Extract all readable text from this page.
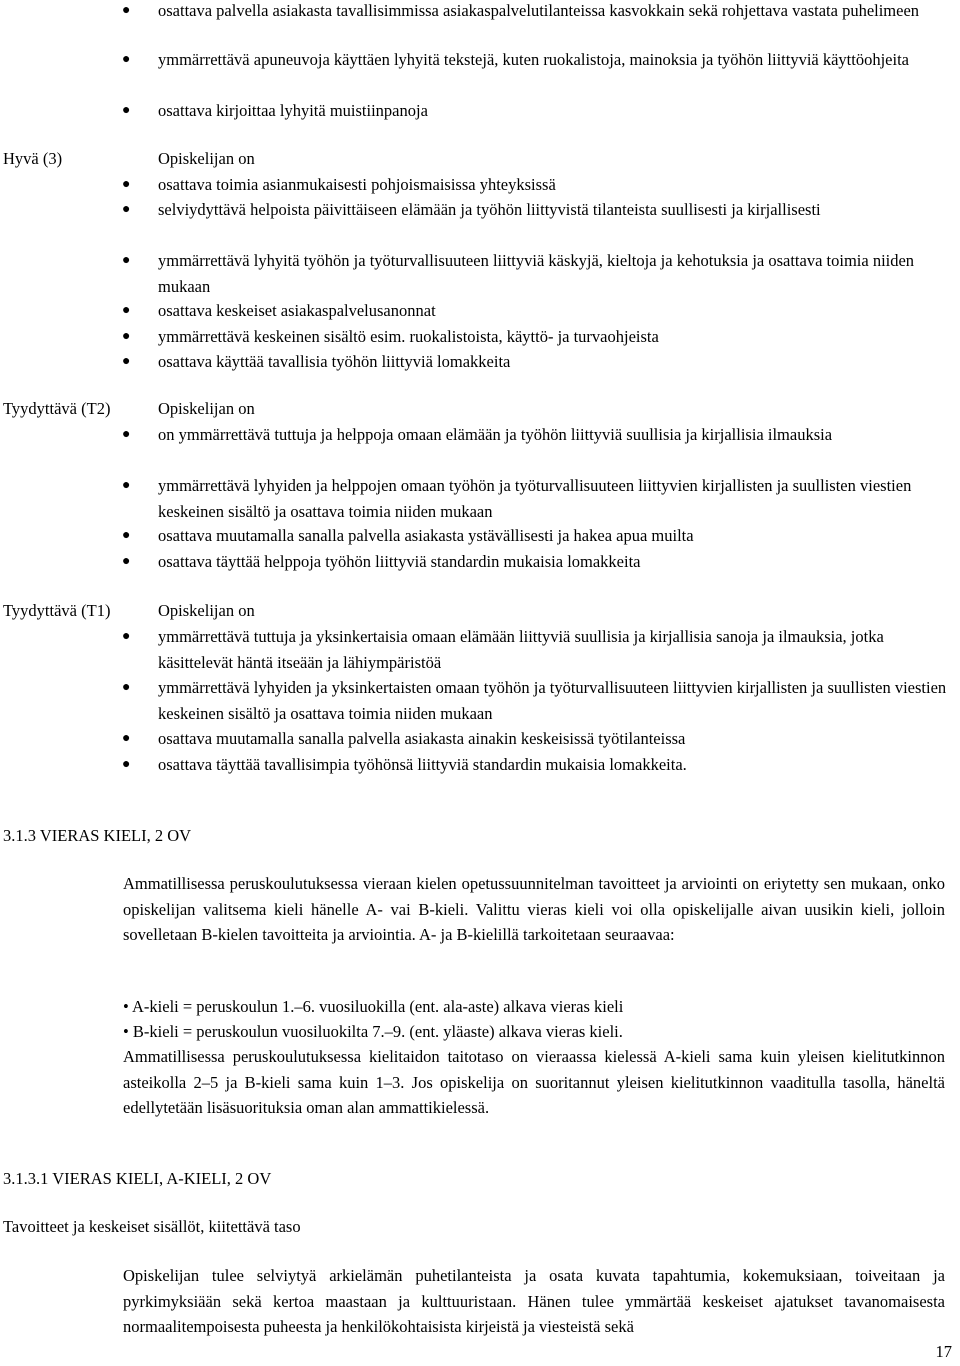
● osattava palvella asiakasta tavallisimmissa asiakaspalvelutilanteissa kasvokkain sekä rohjettava vastata puhelimeen
● ymmärrettävä apuneuvoja käyttäen lyhyitä tekstejä, kuten ruokalistoja, mainoksia ja työhön liittyviä käyttöohjeita
● osattava kirjoittaa lyhyitä muistiinpanoja
Hyvä (3)	Opiskelijan on
● osattava toimia asianmukaisesti pohjoismaisissa yhteyksissä
● selviydyttävä helpoista päivittäiseen elämään ja työhön liittyvistä tilanteista suullisesti ja kirjallisesti
● ymmärrettävä lyhyitä työhön ja työturvallisuuteen liittyviä käskyjä, kieltoja ja kehotuksia ja osattava toimia niiden mukaan
● osattava keskeiset asiakaspalvelusanonnat
● ymmärrettävä keskeinen sisältö esim. ruokalistoista, käyttö- ja turvaohjeista
● osattava käyttää tavallisia työhön liittyviä lomakkeita
Tyydyttävä (T2)	Opiskelijan on
● on ymmärrettävä tuttuja ja helppoja omaan elämään ja työhön liittyviä suullisia ja kirjallisia ilmauksia
● ymmärrettävä lyhyiden ja helppojen omaan työhön ja työturvallisuuteen liittyvien kirjallisten ja suullisten viestien keskeinen sisältö ja osattava toimia niiden mukaan
● osattava muutamalla sanalla palvella asiakasta ystävällisesti ja hakea apua muilta
● osattava täyttää helppoja työhön liittyviä standardin mukaisia lomakkeita
Tyydyttävä (T1)	Opiskelijan on
● ymmärrettävä tuttuja ja yksinkertaisia omaan elämään liittyviä suullisia ja kirjallisia sanoja ja ilmauksia, jotka käsittelevät häntä itseään ja lähiympäristöä
● ymmärrettävä lyhyiden ja yksinkertaisten omaan työhön ja työturvallisuuteen liittyvien kirjallisten ja suullisten viestien keskeinen sisältö ja osattava toimia niiden mukaan
● osattava muutamalla sanalla palvella asiakasta ainakin keskeisissä työtilanteissa
● osattava täyttää tavallisimpia työhönsä liittyviä standardin mukaisia lomakkeita.
3.1.3 VIERAS KIELI, 2 OV
Ammatillisessa peruskoulutuksessa vieraan kielen opetussuunnitelman tavoitteet ja arviointi on eriytetty sen mukaan, onko opiskelijan valitsema kieli hänelle A- vai B-kieli. Valittu vieras kieli voi olla opiskelijalle aivan uusikin kieli, jolloin sovelletaan B-kielen tavoitteita ja arviointia. A- ja B-kielillä tarkoitetaan seuraavaa:
• A-kieli = peruskoulun 1.–6. vuosiluokilla (ent. ala-aste) alkava vieras kieli
• B-kieli = peruskoulun vuosiluokilta 7.–9. (ent. yläaste) alkava vieras kieli.
Ammatillisessa peruskoulutuksessa kielitaidon taitotaso on vieraassa kielessä A-kieli sama kuin yleisen kielitutkinnon asteikolla 2–5 ja B-kieli sama kuin 1–3. Jos opiskelija on suoritannut yleisen kielitutkinnon vaaditulla tasolla, häneltä edellytetään lisäsuorituksia oman alan ammattikielessä.
3.1.3.1 VIERAS KIELI, A-KIELI, 2 OV
Tavoitteet ja keskeiset sisällöt, kiitettävä taso
Opiskelijan tulee selviytyä arkielämän puhetilanteista ja osata kuvata tapahtumia, kokemuksiaan, toiveitaan ja pyrkimyksiään sekä kertoa maastaan ja kulttuuristaan. Hänen tulee ymmärtää keskeiset ajatukset tavanomaisesta normaalitempoisesta puheesta ja henkilökohtaisista kirjeistä ja viesteistä sekä
17
